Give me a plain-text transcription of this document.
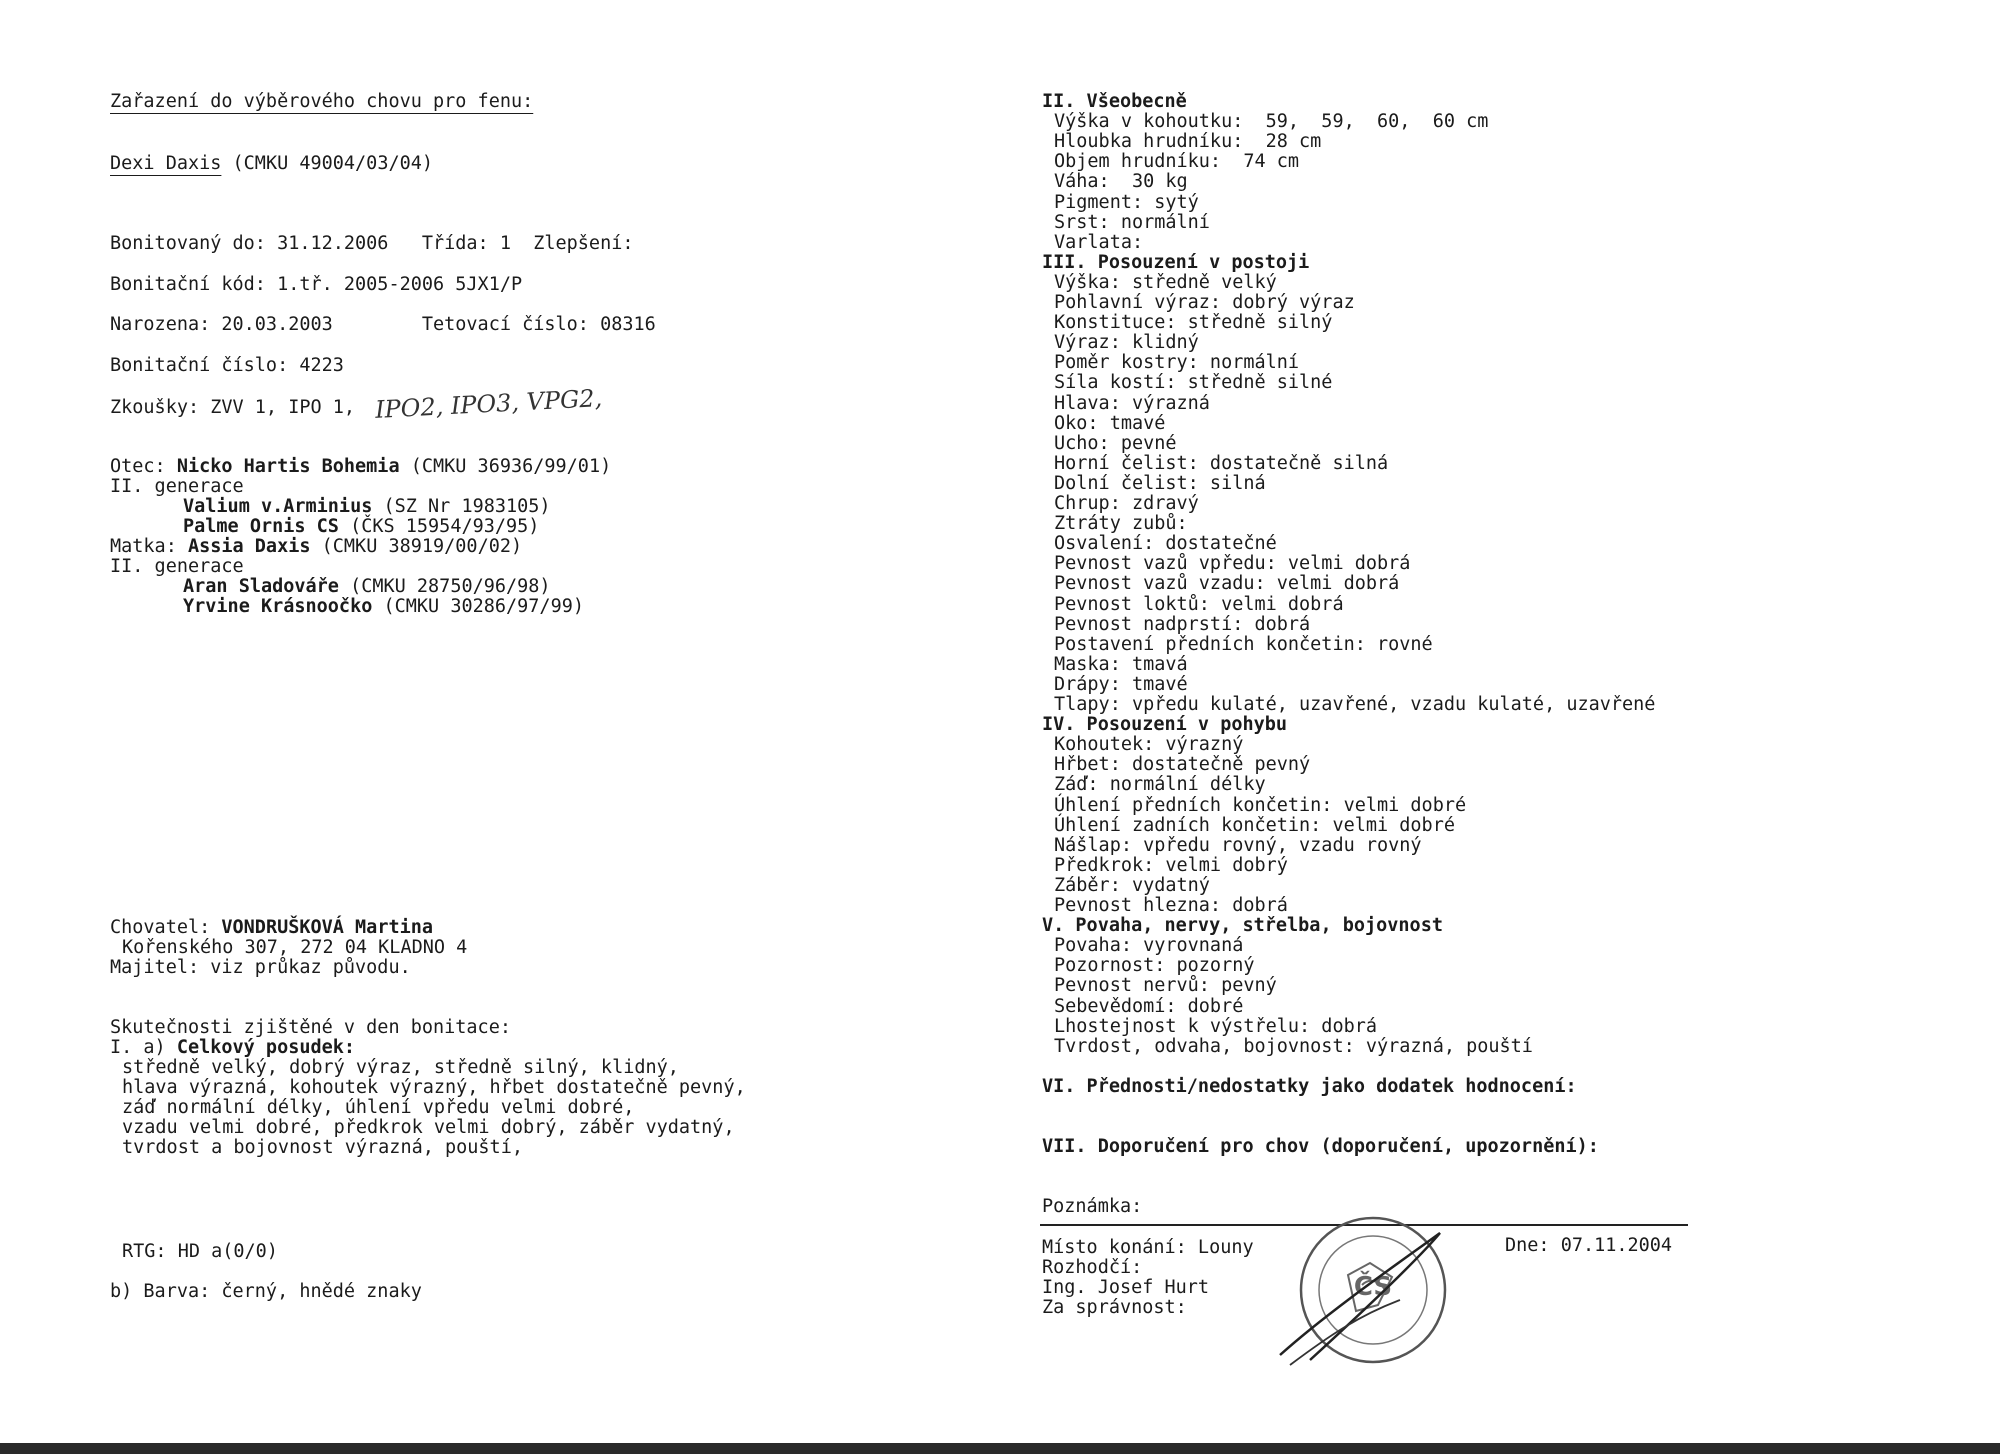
Zařazení do výběrového chovu pro fenu:
Dexi Daxis (CMKU 49004/03/04)
Bonitovaný do: 31.12.2006   Třída: 1  Zlepšení:
Bonitační kód: 1.tř. 2005-2006 5JX1/P
Narozena: 20.03.2003        Tetovací číslo: 08316
Bonitační číslo: 4223
Zkoušky: ZVV 1, IPO 1, IPO2, IPO3, VPG2,
Otec: Nicko Hartis Bohemia (CMKU 36936/99/01)
II. generace
Valium v.Arminius (SZ Nr 1983105)
Palme Ornis CS (ČKS 15954/93/95)
Matka: Assia Daxis (CMKU 38919/00/02)
II. generace
Aran Sladováře (CMKU 28750/96/98)
Yrvine Krásnoočko (CMKU 30286/97/99)
Chovatel: VONDRUŠKOVÁ Martina
Kořenského 307, 272 04 KLADNO 4
Majitel: viz průkaz původu.
Skutečnosti zjištěné v den bonitace:
I. a) Celkový posudek:
středně velký, dobrý výraz, středně silný, klidný,
hlava výrazná, kohoutek výrazný, hřbet dostatečně pevný,
záď normální délky, úhlení vpředu velmi dobré,
vzadu velmi dobré, předkrok velmi dobrý, záběr vydatný,
tvrdost a bojovnost výrazná, pouští,
RTG: HD a(0/0)
b) Barva: černý, hnědé znaky
II. Všeobecně
Výška v kohoutku:  59,  59,  60,  60 cm
Hloubka hrudníku:  28 cm
Objem hrudníku:  74 cm
Váha:  30 kg
Pigment: sytý
Srst: normální
Varlata:
III. Posouzení v postoji
Výška: středně velký
Pohlavní výraz: dobrý výraz
Konstituce: středně silný
Výraz: klidný
Poměr kostry: normální
Síla kostí: středně silné
Hlava: výrazná
Oko: tmavé
Ucho: pevné
Horní čelist: dostatečně silná
Dolní čelist: silná
Chrup: zdravý
Ztráty zubů:
Osvalení: dostatečné
Pevnost vazů vpředu: velmi dobrá
Pevnost vazů vzadu: velmi dobrá
Pevnost loktů: velmi dobrá
Pevnost nadprstí: dobrá
Postavení předních končetin: rovné
Maska: tmavá
Drápy: tmavé
Tlapy: vpředu kulaté, uzavřené, vzadu kulaté, uzavřené
IV. Posouzení v pohybu
Kohoutek: výrazný
Hřbet: dostatečně pevný
Záď: normální délky
Úhlení předních končetin: velmi dobré
Úhlení zadních končetin: velmi dobré
Nášlap: vpředu rovný, vzadu rovný
Předkrok: velmi dobrý
Záběr: vydatný
Pevnost hlezna: dobrá
V. Povaha, nervy, střelba, bojovnost
Povaha: vyrovnaná
Pozornost: pozorný
Pevnost nervů: pevný
Sebevědomí: dobré
Lhostejnost k výstřelu: dobrá
Tvrdost, odvaha, bojovnost: výrazná, pouští
VI. Přednosti/nedostatky jako dodatek hodnocení:
VII. Doporučení pro chov (doporučení, upozornění):
Poznámka:
Místo konání: Louny	Dne: 07.11.2004
Rozhodčí:
Ing. Josef Hurt
Za správnost:
ČS
